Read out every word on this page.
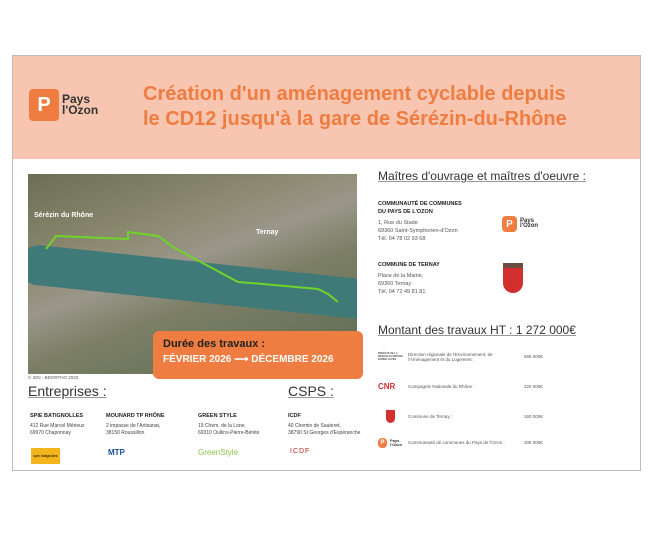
P Pays
l'Ozon
Création d'un aménagement cyclable depuis
le CD12 jusqu'à la gare de Sérézin-du-Rhône
Sérézin du Rhône
Ternay
© IGN - BDORTHO 2023
Durée des travaux :
FÉVRIER 2026 ⟶ DÉCEMBRE 2026
Entreprises :	CSPS :
SPIE BATIGNOLLES
412 Rue Marcel Mérieux
69970 Chaponnay
MOUNARD TP RHÔNE
2 impasse de l'Artisanat,
38150 Roussillon
GREEN STYLE
19 Chem. de la Lone,
69310 Oullins-Pierre-Bénite
ICDF
40 Chemin de Sauteret,
38790 St Georges d'Espéranche
spie batignolles	MTP	GreenStyle	ICDF
Maîtres d'ouvrage et maîtres d'oeuvre :
COMMUNAUTÉ DE COMMUNES
DU PAYS DE L'OZON
1, Rue du Stade
69360 Saint-Symphorien-d'Ozon
Tél. 04 78 02 93 68
P	Pays
l'Ozon
COMMUNE DE TERNAY
Place de la Mairie,
69360 Ternay
Tél. 04 72 49 81 81
Montant des travaux HT : 1 272 000€
PRÉFÈTE DE LA RÉGION AUVERGNE-RHÔNE-ALPES
Direction régionale de l'Environnement, de l'Aménagement et du Logement :	586 000€
CNR	Compagnie Nationale du Rhône :	220 000€
Commune de Ternay :	160 000€
P	Pays
l'Ozon Communauté de communes du Pays de l'Ozon :	306 000€
